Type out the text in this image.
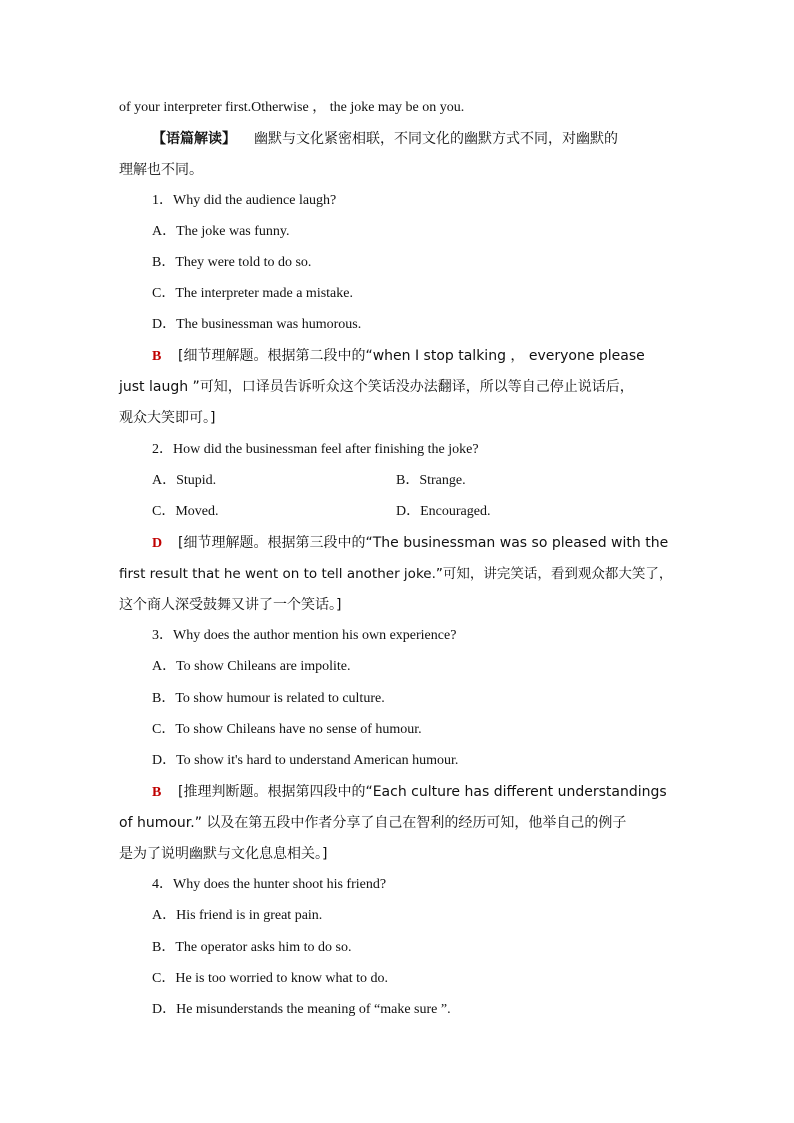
of your interpreter first.Otherwise ， the joke may be on you.
【语篇解读】 幽默与文化紧密相联，不同文化的幽默方式不同，对幽默的
理解也不同。
1．Why did the audience laugh?
A．The joke was funny.
B．They were told to do so.
C．The interpreter made a mistake.
D．The businessman was humorous.
B [细节理解题。根据第二段中的“when I stop talking ， everyone please
just laugh ”可知，口译员告诉听众这个笑话没办法翻译，所以等自己停止说话后，
观众大笑即可。]
2．How did the businessman feel after finishing the joke?
A．Stupid.	B．Strange.
C．Moved.	D．Encouraged.
D [细节理解题。根据第三段中的“The businessman was so pleased with the
first result that he went on to tell another joke.”可知，讲完笑话，看到观众都大笑了，
这个商人深受鼓舞又讲了一个笑话。]
3．Why does the author mention his own experience?
A．To show Chileans are impolite.
B．To show humour is related to culture.
C．To show Chileans have no sense of humour.
D．To show it's hard to understand American humour.
B [推理判断题。根据第四段中的“Each culture has different understandings
of humour.” 以及在第五段中作者分享了自己在智利的经历可知，他举自己的例子
是为了说明幽默与文化息息相关。]
4．Why does the hunter shoot his friend?
A．His friend is in great pain.
B．The operator asks him to do so.
C．He is too worried to know what to do.
D．He misunderstands the meaning of “make sure ”.
